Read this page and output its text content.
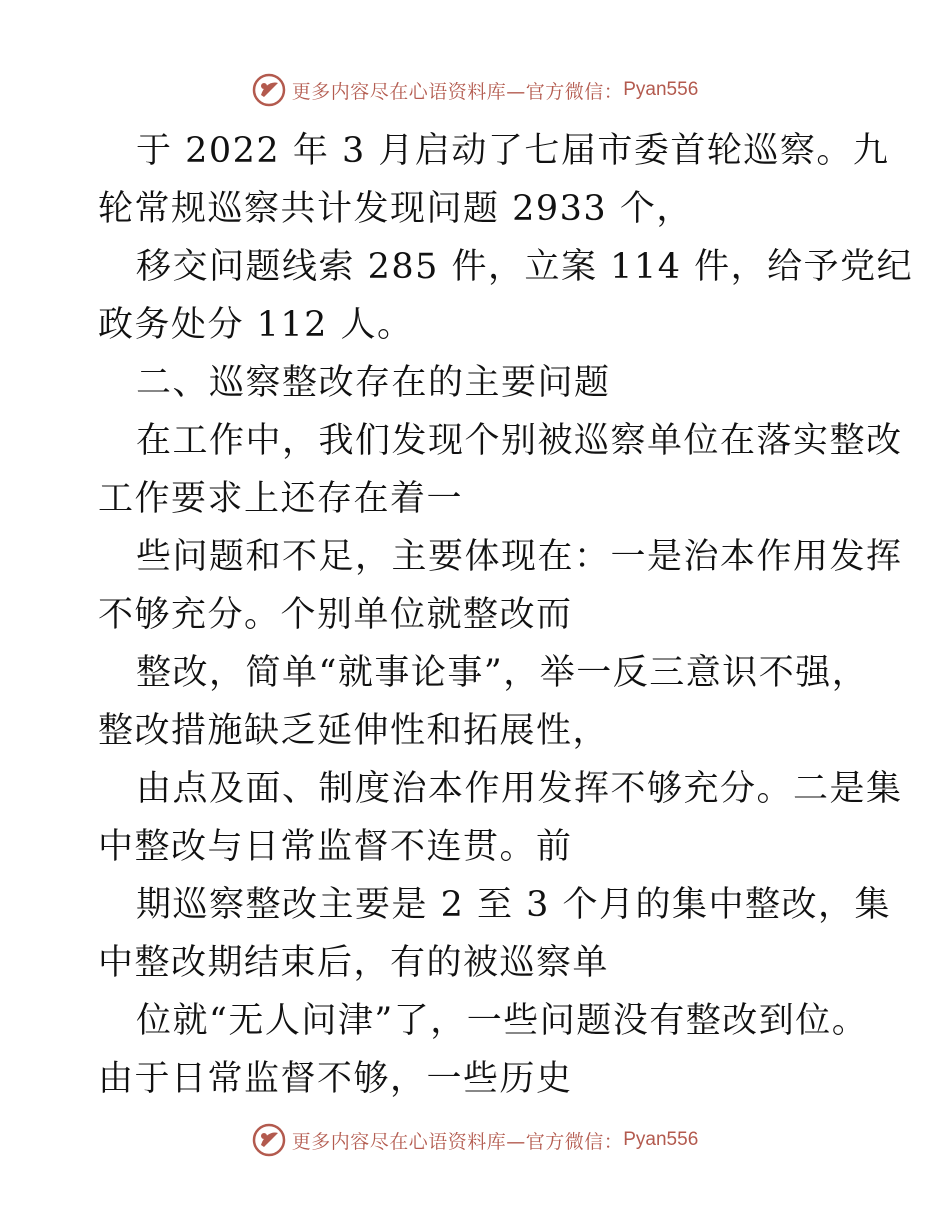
更多内容尽在心语资料库—官方微信： Pyan556
于 2022 年 3 月启动了七届市委首轮巡察。九
轮常规巡察共计发现问题 2933 个，
移交问题线索 285 件，立案 114 件，给予党纪
政务处分 112 人。
二、巡察整改存在的主要问题
在工作中，我们发现个别被巡察单位在落实整改
工作要求上还存在着一
些问题和不足，主要体现在：一是治本作用发挥
不够充分。个别单位就整改而
整改，简单“就事论事”，举一反三意识不强，
整改措施缺乏延伸性和拓展性，
由点及面、制度治本作用发挥不够充分。二是集
中整改与日常监督不连贯。前
期巡察整改主要是 2 至 3 个月的集中整改，集
中整改期结束后，有的被巡察单
位就“无人问津”了，一些问题没有整改到位。
由于日常监督不够，一些历史
更多内容尽在心语资料库—官方微信： Pyan556
